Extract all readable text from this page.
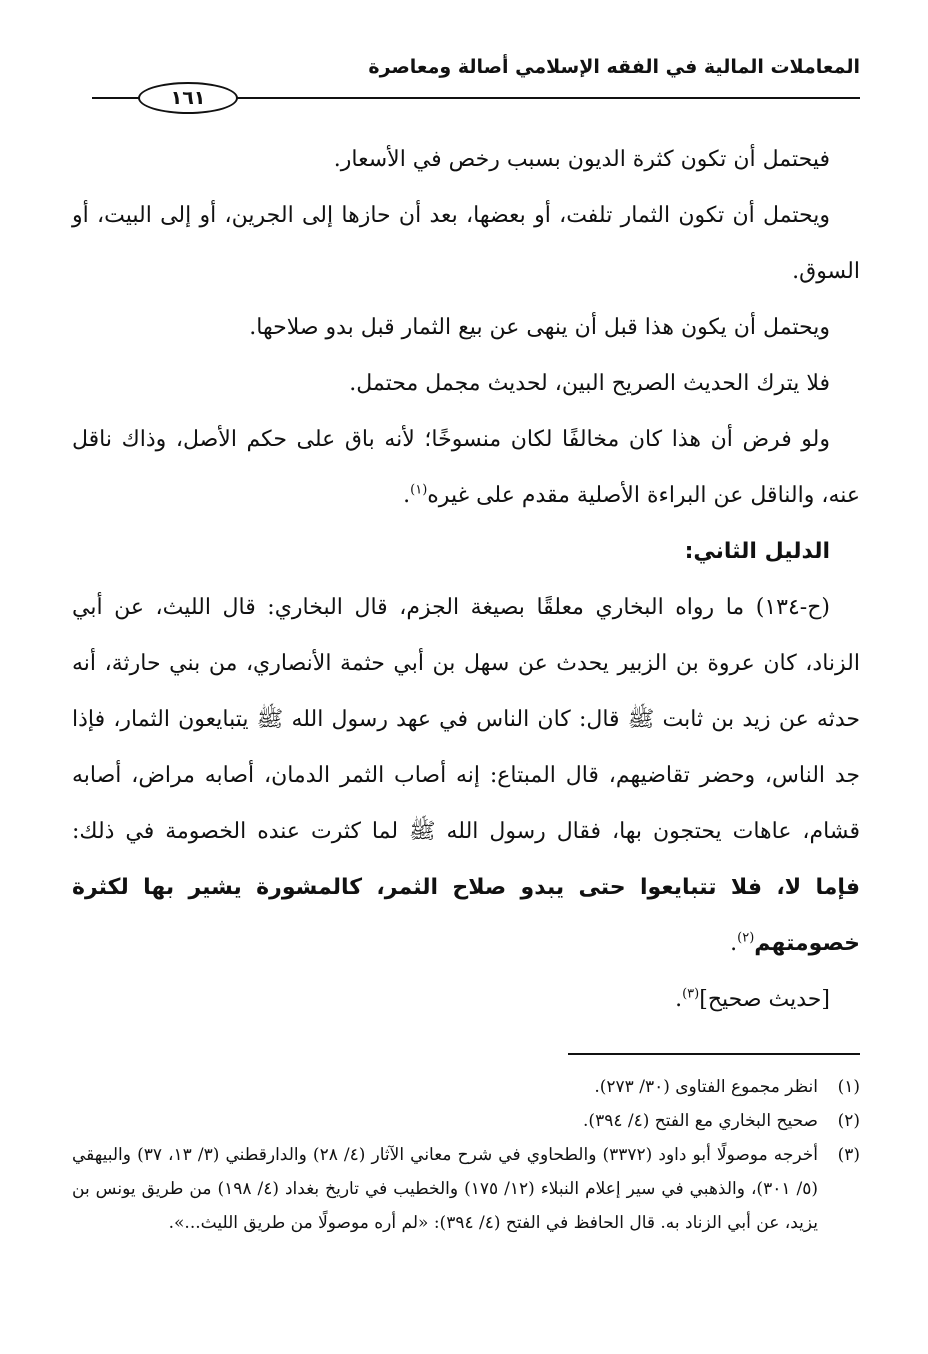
المعاملات المالية في الفقه الإسلامي أصالة ومعاصرة
١٦١

فيحتمل أن تكون كثرة الديون بسبب رخص في الأسعار.

ويحتمل أن تكون الثمار تلفت، أو بعضها، بعد أن حازها إلى الجرين، أو إلى البيت، أو السوق.

ويحتمل أن يكون هذا قبل أن ينهى عن بيع الثمار قبل بدو صلاحها.

فلا يترك الحديث الصريح البين، لحديث مجمل محتمل.

ولو فرض أن هذا كان مخالفًا لكان منسوخًا؛ لأنه باق على حكم الأصل، وذاك ناقل عنه، والناقل عن البراءة الأصلية مقدم على غيره$^{(١)}$.

الدليل الثاني:

(ح-١٣٤) ما رواه البخاري معلقًا بصيغة الجزم، قال البخاري: قال الليث، عن أبي الزناد، كان عروة بن الزبير يحدث عن سهل بن أبي حثمة الأنصاري، من بني حارثة، أنه حدثه عن زيد بن ثابت ﷺ قال: كان الناس في عهد رسول الله ﷺ يتبايعون الثمار، فإذا جد الناس، وحضر تقاضيهم، قال المبتاع: إنه أصاب الثمر الدمان، أصابه مراض، أصابه قشام، عاهات يحتجون بها، فقال رسول الله ﷺ لما كثرت عنده الخصومة في ذلك: فإما لا، فلا تتبايعوا حتى يبدو صلاح الثمر، كالمشورة يشير بها لكثرة خصومتهم$^{(٢)}$.

[حديث صحيح]$^{(٣)}$.

(١)
انظر مجموع الفتاوى (٣٠/ ٢٧٣).

(٢)
صحيح البخاري مع الفتح (٤/ ٣٩٤).

(٣)
أخرجه موصولًا أبو داود (٣٣٧٢) والطحاوي في شرح معاني الآثار (٤/ ٢٨) والدارقطني (٣/ ١٣، ٣٧) والبيهقي (٥/ ٣٠١)، والذهبي في سير إعلام النبلاء (١٢/ ١٧٥) والخطيب في تاريخ بغداد (٤/ ١٩٨) من طريق يونس بن يزيد، عن أبي الزناد به. قال الحافظ في الفتح (٤/ ٣٩٤): «لم أره موصولًا من طريق الليث...».
